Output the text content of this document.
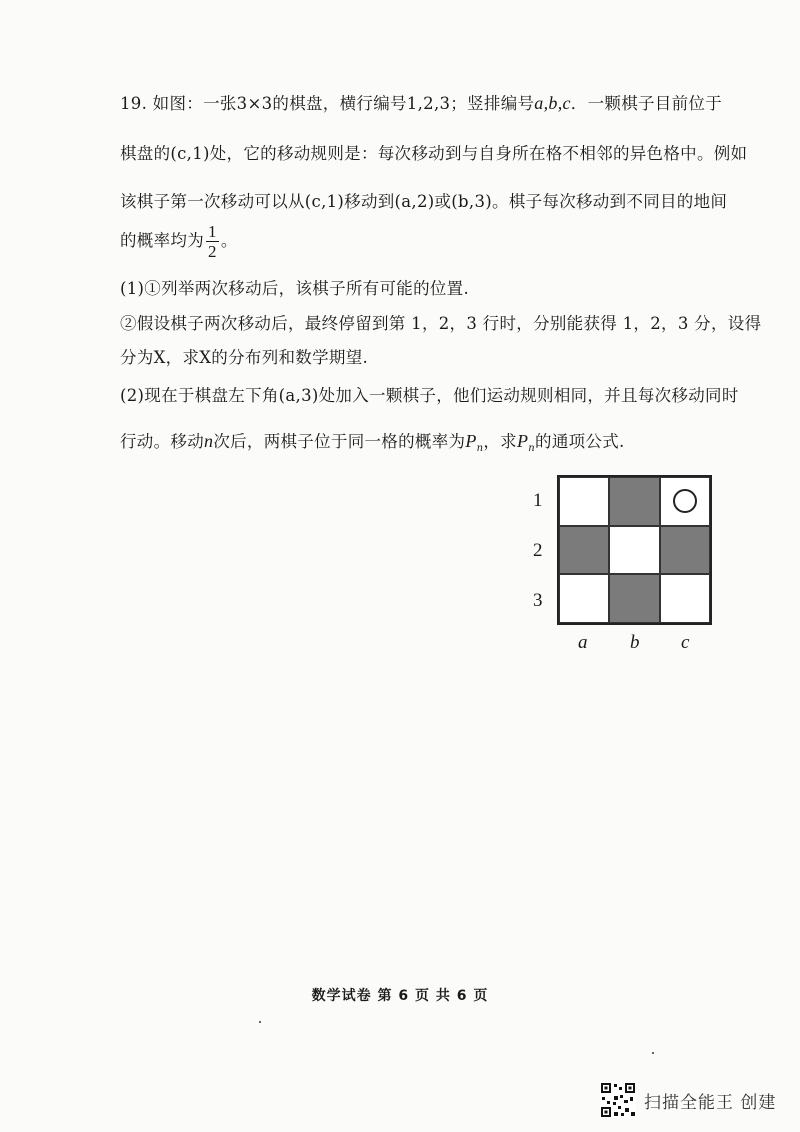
19. 如图：一张3×3的棋盘，横行编号1,2,3；竖排编号a,b,c．一颗棋子目前位于
棋盘的(c,1)处，它的移动规则是：每次移动到与自身所在格不相邻的异色格中。例如
该棋子第一次移动可以从(c,1)移动到(a,2)或(b,3)。棋子每次移动到不同目的地间
的概率均为 $\frac{1}{2}$ 。
(1)①列举两次移动后，该棋子所有可能的位置.
②假设棋子两次移动后，最终停留到第 1，2，3 行时，分别能获得 1，2，3 分，设得
分为X，求X的分布列和数学期望.
(2)现在于棋盘左下角(a,3)处加入一颗棋子，他们运动规则相同，并且每次移动同时
行动。移动n次后，两棋子位于同一格的概率为$P_n$，求$P_n$的通项公式.
1
2
3
a b c
数学试卷 第 6 页 共 6 页
扫描全能王 创建
